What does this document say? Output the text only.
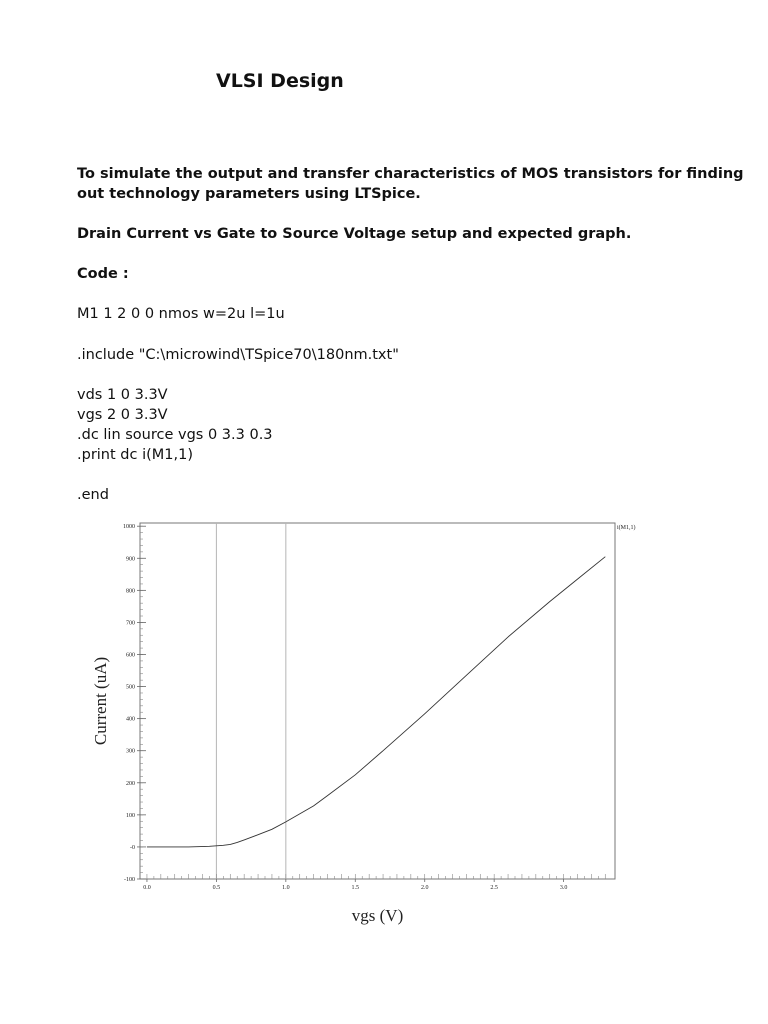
VLSI Design
To simulate the output and transfer characteristics of MOS transistors for finding
out technology parameters using LTSpice.
Drain Current vs Gate to Source Voltage setup and expected graph.
Code :
M1 1 2 0 0 nmos w=2u l=1u
.include "C:\microwind\TSpice70\180nm.txt"
vds 1 0 3.3V
vgs 2 0 3.3V
.dc lin source vgs 0 3.3 0.3
.print dc i(M1,1)
.end
-100
-0
100
200
300
400
500
600
700
800
900
1000
0.0	0.5	1.0	1.5	2.0	2.5	3.0
i(M1,1)
Current (uA)
vgs (V)
